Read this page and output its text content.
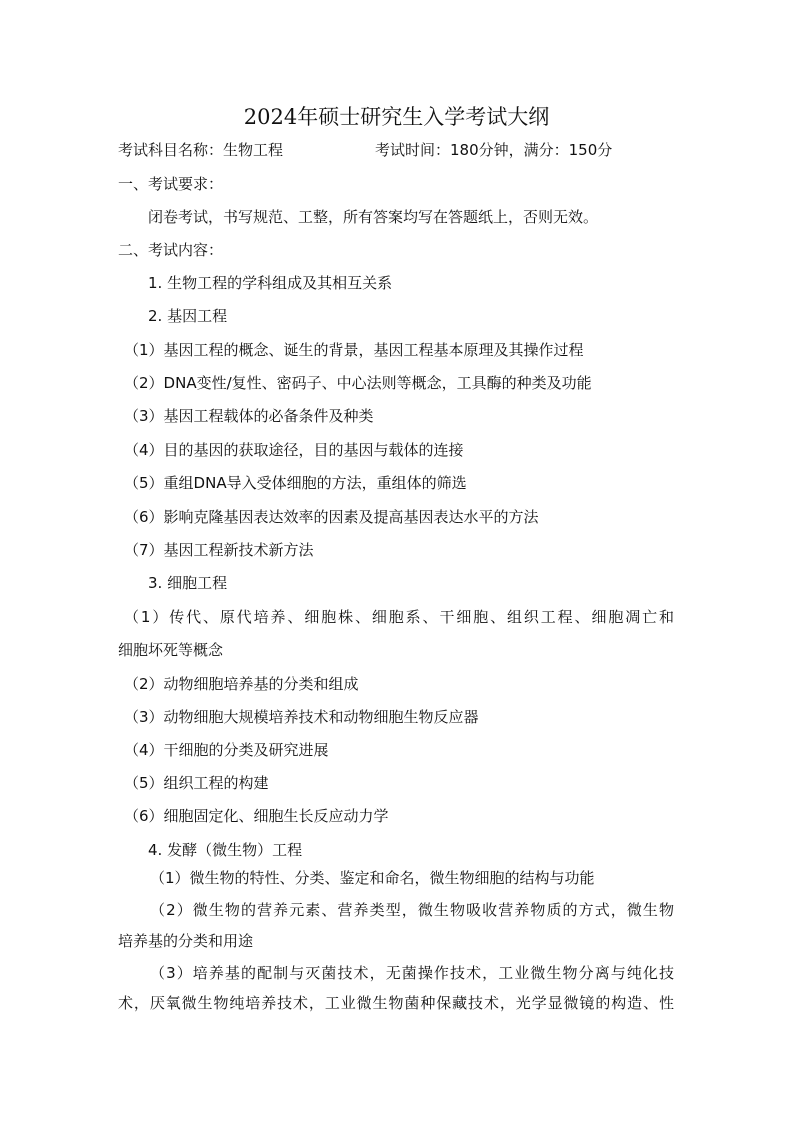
2024年硕士研究生入学考试大纲
考试科目名称：生物工程	考试时间：180分钟，满分：150分
一、考试要求：
闭卷考试，书写规范、工整，所有答案均写在答题纸上，否则无效。
二、考试内容：
1. 生物工程的学科组成及其相互关系
2. 基因工程
（1）基因工程的概念、诞生的背景，基因工程基本原理及其操作过程
（2）DNA变性/复性、密码子、中心法则等概念，工具酶的种类及功能
（3）基因工程载体的必备条件及种类
（4）目的基因的获取途径，目的基因与载体的连接
（5）重组DNA导入受体细胞的方法，重组体的筛选
（6）影响克隆基因表达效率的因素及提高基因表达水平的方法
（7）基因工程新技术新方法
3. 细胞工程
（1）传代、原代培养、细胞株、细胞系、干细胞、组织工程、细胞凋亡和
细胞坏死等概念
（2）动物细胞培养基的分类和组成
（3）动物细胞大规模培养技术和动物细胞生物反应器
（4）干细胞的分类及研究进展
（5）组织工程的构建
（6）细胞固定化、细胞生长反应动力学
4. 发酵（微生物）工程
（1）微生物的特性、分类、鉴定和命名，微生物细胞的结构与功能
（2）微生物的营养元素、营养类型，微生物吸收营养物质的方式，微生物
培养基的分类和用途
（3）培养基的配制与灭菌技术，无菌操作技术，工业微生物分离与纯化技
术，厌氧微生物纯培养技术，工业微生物菌种保藏技术，光学显微镜的构造、性
